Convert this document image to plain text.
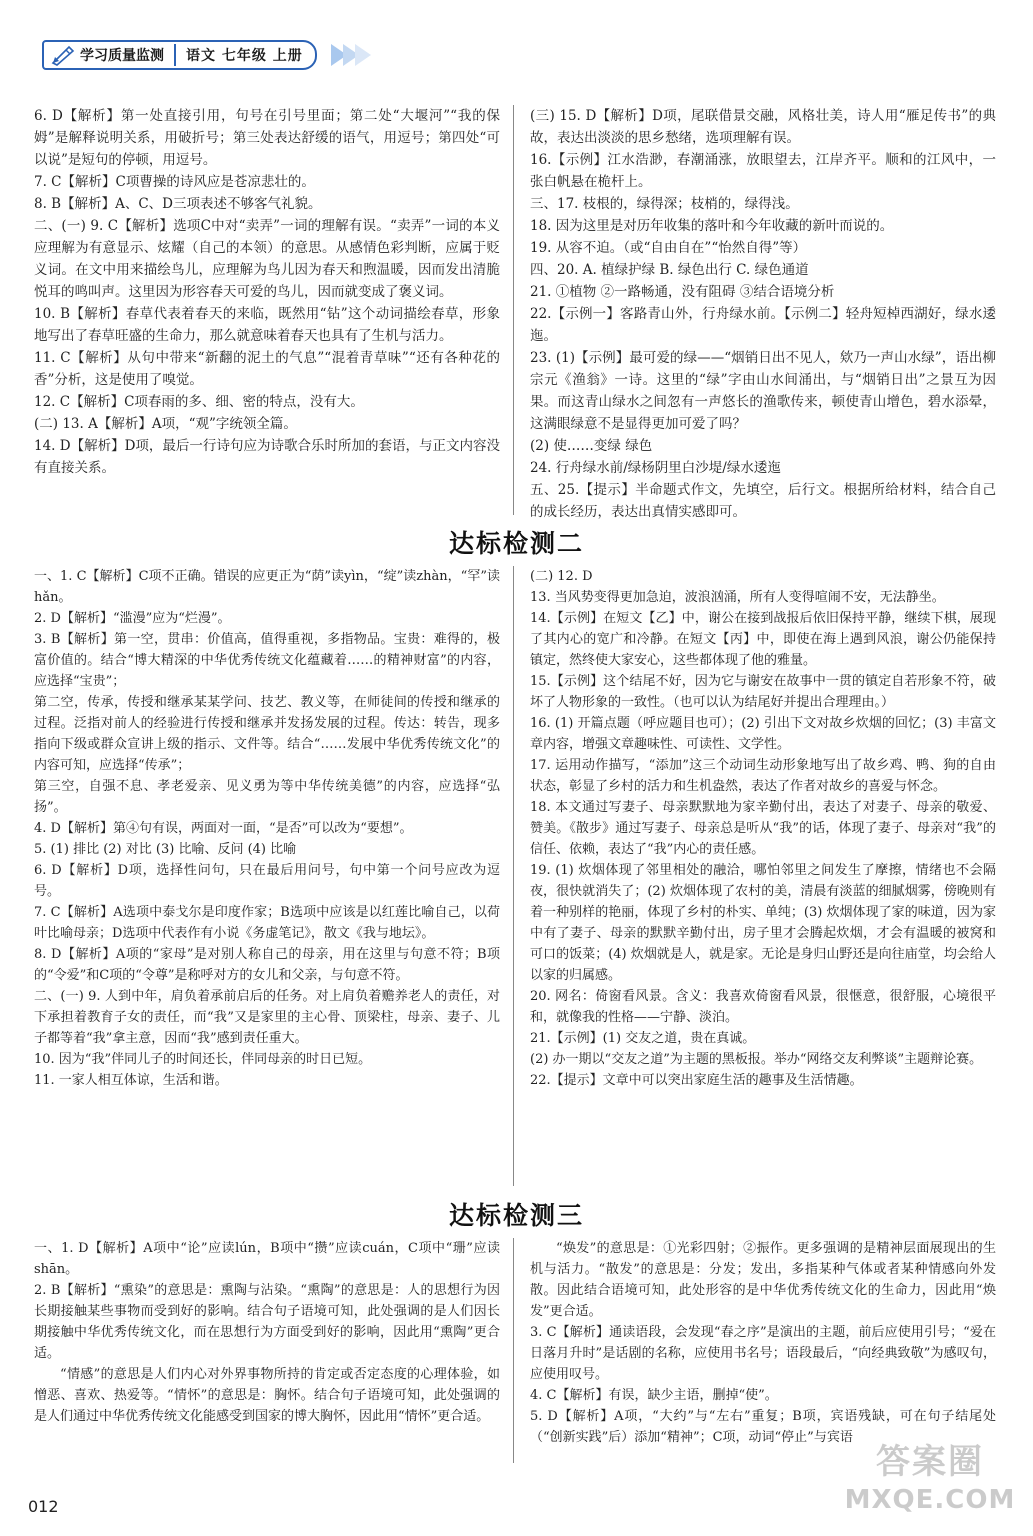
学习质量监测 语文 七年级 上册

6. D【解析】第一处直接引用，句号在引号里面；第二处“大堰河”“我的保姆”是解释说明关系，用破折号；第三处表达舒缓的语气，用逗号；第四处“可以说”是短句的停顿，用逗号。

7. C【解析】C项曹操的诗风应是苍凉悲壮的。

8. B【解析】A、C、D三项表述不够客气礼貌。

二、(一) 9. C【解析】选项C中对“卖弄”一词的理解有误。“卖弄”一词的本义应理解为有意显示、炫耀（自己的本领）的意思。从感情色彩判断，应属于贬义词。在文中用来描绘鸟儿，应理解为鸟儿因为春天和煦温暖，因而发出清脆悦耳的鸣叫声。这里因为形容春天可爱的鸟儿，因而就变成了褒义词。

10. B【解析】春草代表着春天的来临，既然用“钻”这个动词描绘春草，形象地写出了春草旺盛的生命力，那么就意味着春天也具有了生机与活力。

11. C【解析】从句中带来“新翻的泥土的气息”“混着青草味”“还有各种花的香”分析，这是使用了嗅觉。

12. C【解析】C项春雨的多、细、密的特点，没有大。

(二) 13. A【解析】A项，“观”字统领全篇。

14. D【解析】D项，最后一行诗句应为诗歌合乐时所加的套语，与正文内容没有直接关系。

(三) 15. D【解析】D项，尾联借景交融，风格壮美，诗人用“雁足传书”的典故，表达出淡淡的思乡愁绪，选项理解有误。

16.【示例】江水浩渺，春潮涌涨，放眼望去，江岸齐平。顺和的江风中，一张白帆悬在桅杆上。

三、17. 枝根的，绿得深；枝梢的，绿得浅。

18. 因为这里是对历年收集的落叶和今年收藏的新叶而说的。

19. 从容不迫。（或“自由自在”“怡然自得”等）

四、20. A. 植绿护绿 B. 绿色出行 C. 绿色通道

21. ①植物 ②一路畅通，没有阻碍 ③结合语境分析

22.【示例一】客路青山外，行舟绿水前。【示例二】轻舟短棹西湖好，绿水逶迤。

23. (1)【示例】最可爱的绿——“烟销日出不见人，欸乃一声山水绿”，语出柳宗元《渔翁》一诗。这里的“绿”字由山水间涌出，与“烟销日出”之景互为因果。而这青山绿水之间忽有一声悠长的渔歌传来，顿使青山增色，碧水添晕，这满眼绿意不是显得更加可爱了吗？

(2) 使……变绿 绿色

24. 行舟绿水前/绿杨阴里白沙堤/绿水逶迤

五、25.【提示】半命题式作文，先填空，后行文。根据所给材料，结合自己的成长经历，表达出真情实感即可。

达标检测二

一、1. C【解析】C项不正确。错误的应更正为“荫”读yìn，“绽”读zhàn，“罕”读hǎn。

2. D【解析】“滥漫”应为“烂漫”。

3. B【解析】第一空，贯串：价值高，值得重视，多指物品。宝贵：难得的，极富价值的。结合“博大精深的中华优秀传统文化蕴藏着……的精神财富”的内容，应选择“宝贵”；

第二空，传承，传授和继承某某学问、技艺、教义等，在师徒间的传授和继承的过程。泛指对前人的经验进行传授和继承并发扬发展的过程。传达：转告，现多指向下级或群众宣讲上级的指示、文件等。结合“……发展中华优秀传统文化”的内容可知，应选择“传承”；

第三空，自强不息、孝老爱亲、见义勇为等中华传统美德”的内容，应选择“弘扬”。

4. D【解析】第④句有误，两面对一面，“是否”可以改为“要想”。

5. (1) 排比 (2) 对比 (3) 比喻、反问 (4) 比喻

6. D【解析】D项，选择性问句，只在最后用问号，句中第一个问号应改为逗号。

7. C【解析】A选项中泰戈尔是印度作家；B选项中应该是以红莲比喻自己，以荷叶比喻母亲；D选项中代表作有小说《务虚笔记》，散文《我与地坛》。

8. D【解析】A项的“家母”是对别人称自己的母亲，用在这里与句意不符；B项的“令爱”和C项的“令尊”是称呼对方的女儿和父亲，与句意不符。

二、(一) 9. 人到中年，肩负着承前启后的任务。对上肩负着赡养老人的责任，对下承担着教育子女的责任，而“我”又是家里的主心骨、顶梁柱，母亲、妻子、儿子都等着“我”拿主意，因而“我”感到责任重大。

10. 因为“我”伴同儿子的时间还长，伴同母亲的时日已短。

11. 一家人相互体谅，生活和谐。

(二) 12. D

13. 当风势变得更加急迫，波浪汹涌，所有人变得喧闹不安，无法静坐。

14.【示例】在短文【乙】中，谢公在接到战报后依旧保持平静，继续下棋，展现了其内心的宽广和冷静。在短文【丙】中，即使在海上遇到风浪，谢公仍能保持镇定，然终使大家安心，这些都体现了他的雅量。

15.【示例】这个结尾不好，因为它与谢安在故事中一贯的镇定自若形象不符，破坏了人物形象的一致性。（也可以认为结尾好并提出合理理由。）

16. (1) 开篇点题（呼应题目也可）；(2) 引出下文对故乡炊烟的回忆；(3) 丰富文章内容，增强文章趣味性、可读性、文学性。

17. 运用动作描写，“添加”这三个动词生动形象地写出了故乡鸡、鸭、狗的自由状态，彰显了乡村的活力和生机盎然，表达了作者对故乡的喜爱与怀念。

18. 本文通过写妻子、母亲默默地为家辛勤付出，表达了对妻子、母亲的敬爱、赞美。《散步》通过写妻子、母亲总是听从“我”的话，体现了妻子、母亲对“我”的信任、依赖，表达了“我”内心的责任感。

19. (1) 炊烟体现了邻里相处的融洽，哪怕邻里之间发生了摩擦，情绪也不会隔夜，很快就消失了；(2) 炊烟体现了农村的美，清晨有淡蓝的细腻烟雾，傍晚则有着一种别样的艳丽，体现了乡村的朴实、单纯；(3) 炊烟体现了家的味道，因为家中有了妻子、母亲的默默辛勤付出，房子里才会腾起炊烟，才会有温暖的被窝和可口的饭菜；(4) 炊烟就是人，就是家。无论是身归山野还是向往庙堂，均会给人以家的归属感。

20. 网名：倚窗看风景。含义：我喜欢倚窗看风景，很惬意，很舒服，心境很平和，就像我的性格——宁静、淡泊。

21.【示例】(1) 交友之道，贵在真诚。

(2) 办一期以“交友之道”为主题的黑板报。举办“网络交友利弊谈”主题辩论赛。

22.【提示】文章中可以突出家庭生活的趣事及生活情趣。

达标检测三

一、1. D【解析】A项中“论”应读lún，B项中“攒”应读cuán，C项中“珊”应读shān。

2. B【解析】“熏染”的意思是：熏陶与沾染。“熏陶”的意思是：人的思想行为因长期接触某些事物而受到好的影响。结合句子语境可知，此处强调的是人们因长期接触中华优秀传统文化，而在思想行为方面受到好的影响，因此用“熏陶”更合适。

“情感”的意思是人们内心对外界事物所持的肯定或否定态度的心理体验，如憎恶、喜欢、热爱等。“情怀”的意思是：胸怀。结合句子语境可知，此处强调的是人们通过中华优秀传统文化能感受到国家的博大胸怀，因此用“情怀”更合适。

“焕发”的意思是：①光彩四射；②振作。更多强调的是精神层面展现出的生机与活力。“散发”的意思是：分发；发出，多指某种气体或者某种情感向外发散。因此结合语境可知，此处形容的是中华优秀传统文化的生命力，因此用“焕发”更合适。

3. C【解析】通读语段，会发现“春之序”是演出的主题，前后应使用引号；“爱在日落月升时”是话剧的名称，应使用书名号；语段最后，“向经典致敬”为感叹句，应使用叹号。

4. C【解析】有误，缺少主语，删掉“使”。

5. D【解析】A项，“大约”与“左右”重复；B项，宾语残缺，可在句子结尾处（“创新实践”后）添加“精神”；C项，动词“停止”与宾语

012
答案圈
MXQE.COM
